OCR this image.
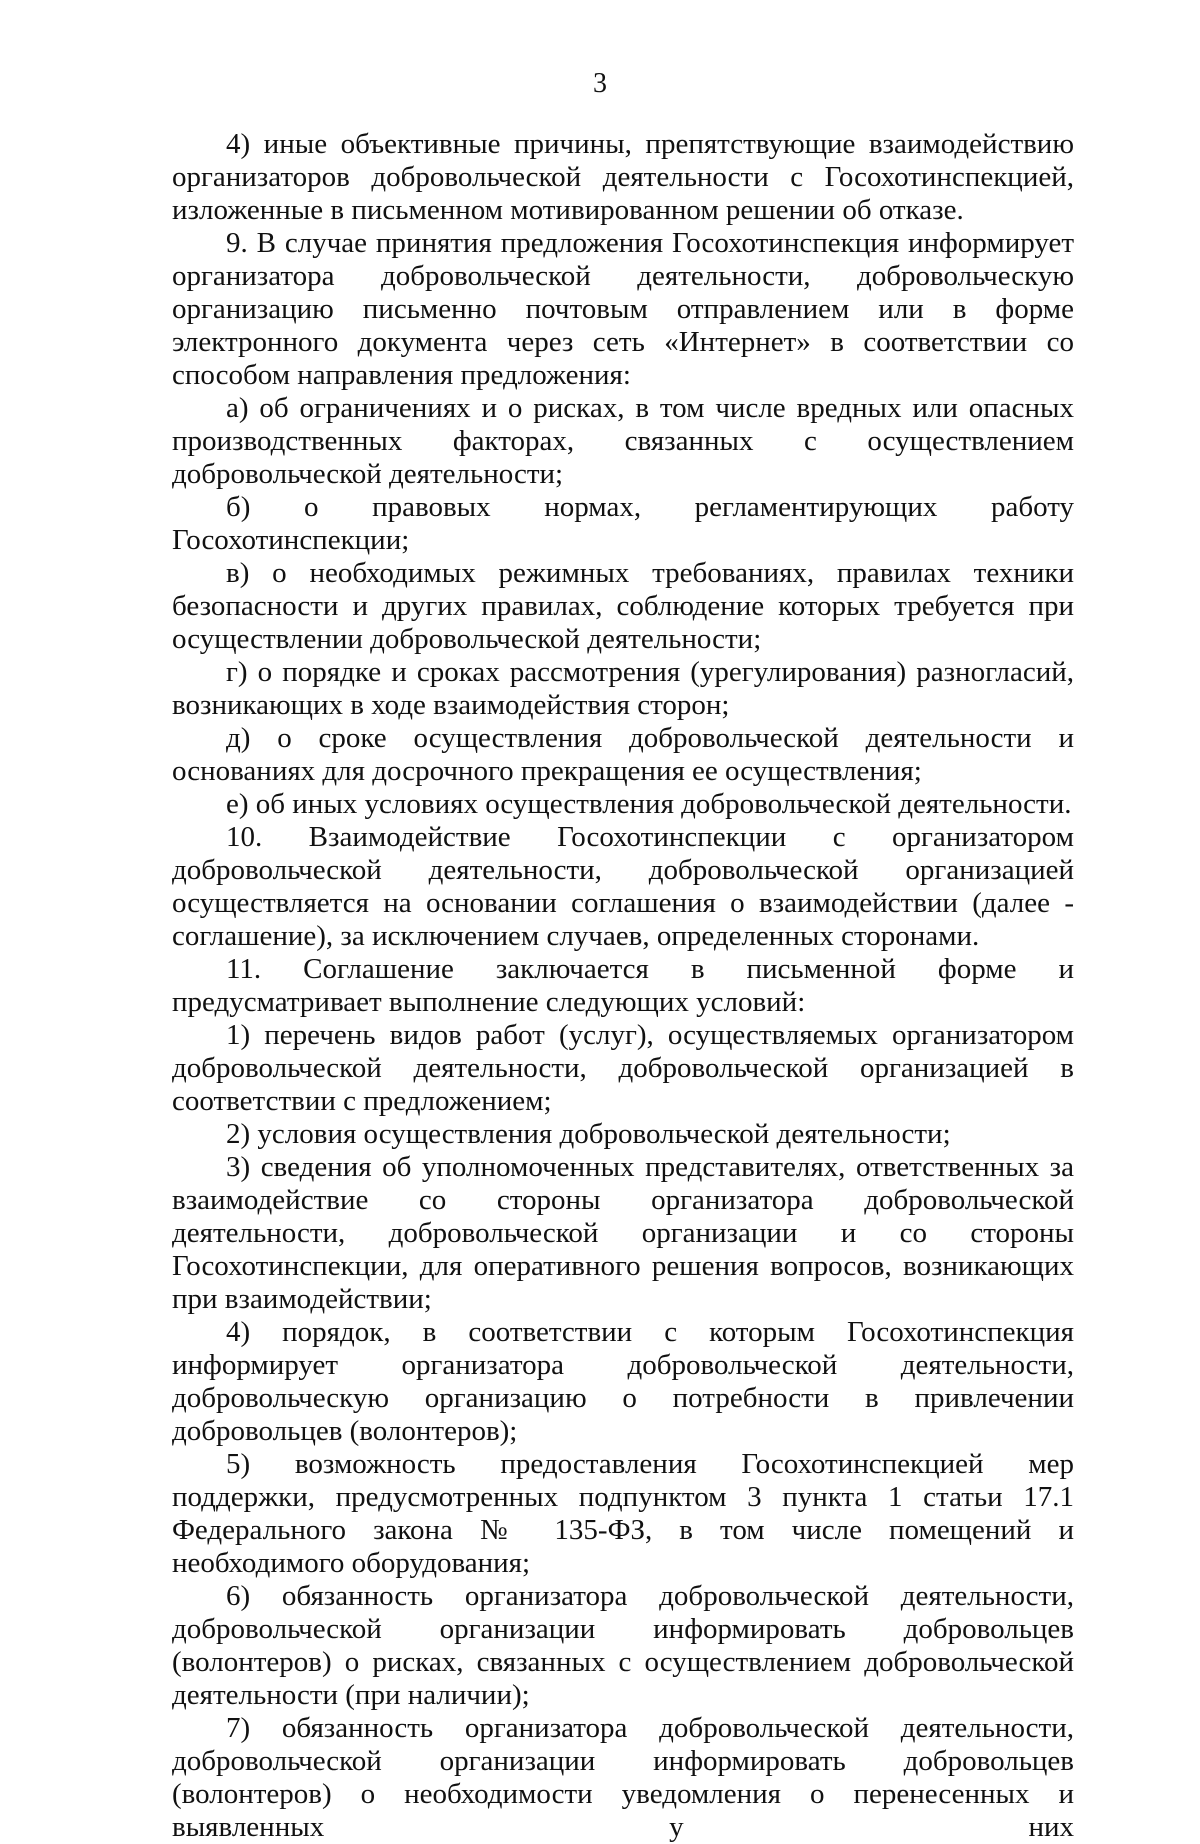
3

4) иные объективные причины, препятствующие взаимодействию организаторов добровольческой деятельности с Госохотинспекцией, изложенные в письменном мотивированном решении об отказе.

9. В случае принятия предложения Госохотинспекция информирует организатора добровольческой деятельности, добровольческую организацию письменно почтовым отправлением или в форме электронного документа через сеть «Интернет» в соответствии со способом направления предложения:

а) об ограничениях и о рисках, в том числе вредных или опасных производственных факторах, связанных с осуществлением добровольческой деятельности;

б) о правовых нормах, регламентирующих работу Госохотинспекции;

в) о необходимых режимных требованиях, правилах техники безопасности и других правилах, соблюдение которых требуется при осуществлении добровольческой деятельности;

г) о порядке и сроках рассмотрения (урегулирования) разногласий, возникающих в ходе взаимодействия сторон;

д) о сроке осуществления добровольческой деятельности и основаниях для досрочного прекращения ее осуществления;

е) об иных условиях осуществления добровольческой деятельности.

10. Взаимодействие Госохотинспекции с организатором добровольческой деятельности, добровольческой организацией осуществляется на основании соглашения о взаимодействии (далее - соглашение), за исключением случаев, определенных сторонами.

11. Соглашение заключается в письменной форме и предусматривает выполнение следующих условий:

1) перечень видов работ (услуг), осуществляемых организатором добровольческой деятельности, добровольческой организацией в соответствии с предложением;

2) условия осуществления добровольческой деятельности;

3) сведения об уполномоченных представителях, ответственных за взаимодействие со стороны организатора добровольческой деятельности, добровольческой организации и со стороны Госохотинспекции, для оперативного решения вопросов, возникающих при взаимодействии;

4) порядок, в соответствии с которым Госохотинспекция информирует организатора добровольческой деятельности, добровольческую организацию о потребности в привлечении добровольцев (волонтеров);

5) возможность предоставления Госохотинспекцией мер поддержки, предусмотренных подпунктом 3 пункта 1 статьи 17.1 Федерального закона № 135-ФЗ, в том числе помещений и необходимого оборудования;

6) обязанность организатора добровольческой деятельности, добровольческой организации информировать добровольцев (волонтеров) о рисках, связанных с осуществлением добровольческой деятельности (при наличии);

7) обязанность организатора добровольческой деятельности, добровольческой организации информировать добровольцев (волонтеров) о необходимости уведомления о перенесенных и выявленных у них
